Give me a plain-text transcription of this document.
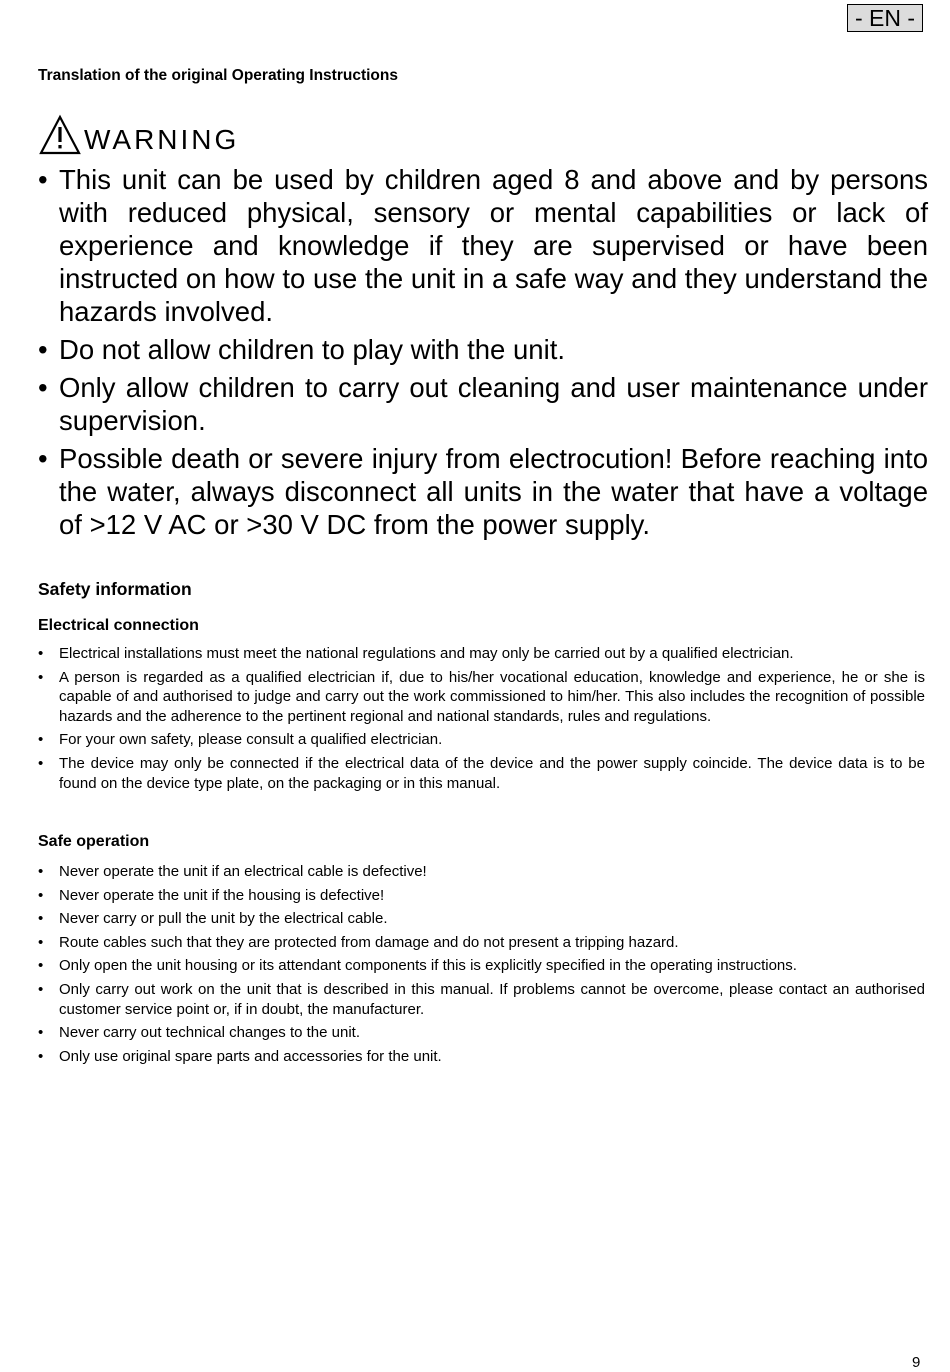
- EN -
Translation of the original Operating Instructions
WARNING
• This unit can be used by children aged 8 and above and by persons with reduced physical, sensory or mental capabilities or lack of experience and knowledge if they are supervised or have been instructed on how to use the unit in a safe way and they understand the hazards involved.
• Do not allow children to play with the unit.
• Only allow children to carry out cleaning and user maintenance under supervision.
• Possible death or severe injury from electrocution! Before reaching into the water, always disconnect all units in the water that have a voltage of >12 V AC or >30 V DC from the power supply.
Safety information
Electrical connection
• Electrical installations must meet the national regulations and may only be carried out by a qualified electrician.
• A person is regarded as a qualified electrician if, due to his/her vocational education, knowledge and experience, he or she is capable of and authorised to judge and carry out the work commissioned to him/her. This also includes the recognition of possible hazards and the adherence to the pertinent regional and national standards, rules and regulations.
• For your own safety, please consult a qualified electrician.
• The device may only be connected if the electrical data of the device and the power supply coincide. The device data is to be found on the device type plate, on the packaging or in this manual.
Safe operation
• Never operate the unit if an electrical cable is defective!
• Never operate the unit if the housing is defective!
• Never carry or pull the unit by the electrical cable.
• Route cables such that they are protected from damage and do not present a tripping hazard.
• Only open the unit housing or its attendant components if this is explicitly specified in the operating instructions.
• Only carry out work on the unit that is described in this manual. If problems cannot be overcome, please contact an authorised customer service point or, if in doubt, the manufacturer.
• Never carry out technical changes to the unit.
• Only use original spare parts and accessories for the unit.
9
